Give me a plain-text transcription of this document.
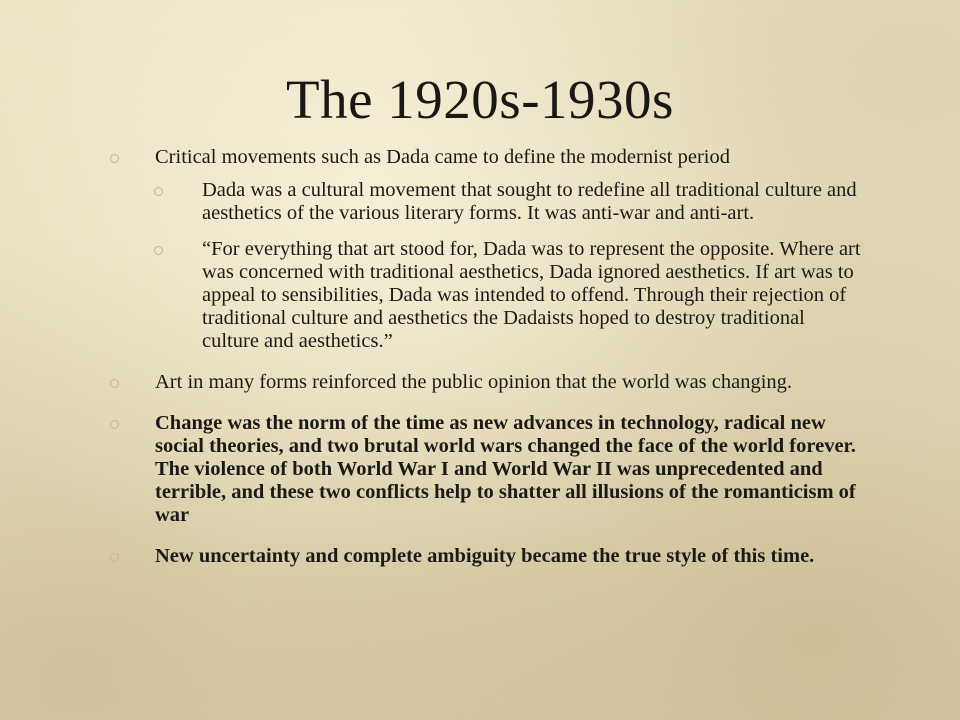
The 1920s-1930s
Critical movements such as Dada came to define the modernist period
Dada was a cultural movement that sought to redefine all traditional culture and aesthetics of the various literary forms. It was anti-war and anti-art.
“For everything that art stood for, Dada was to represent the opposite. Where art was concerned with traditional aesthetics, Dada ignored aesthetics. If art was to appeal to sensibilities, Dada was intended to offend. Through their rejection of traditional culture and aesthetics the Dadaists hoped to destroy traditional culture and aesthetics.”
Art in many forms reinforced the public opinion that the world was changing.
Change was the norm of the time as new advances in technology, radical new social theories, and two brutal world wars changed the face of the world forever. The violence of both World War I and World War II was unprecedented and terrible, and these two conflicts help to shatter all illusions of the romanticism of war
New uncertainty and complete ambiguity became the true style of this time.
